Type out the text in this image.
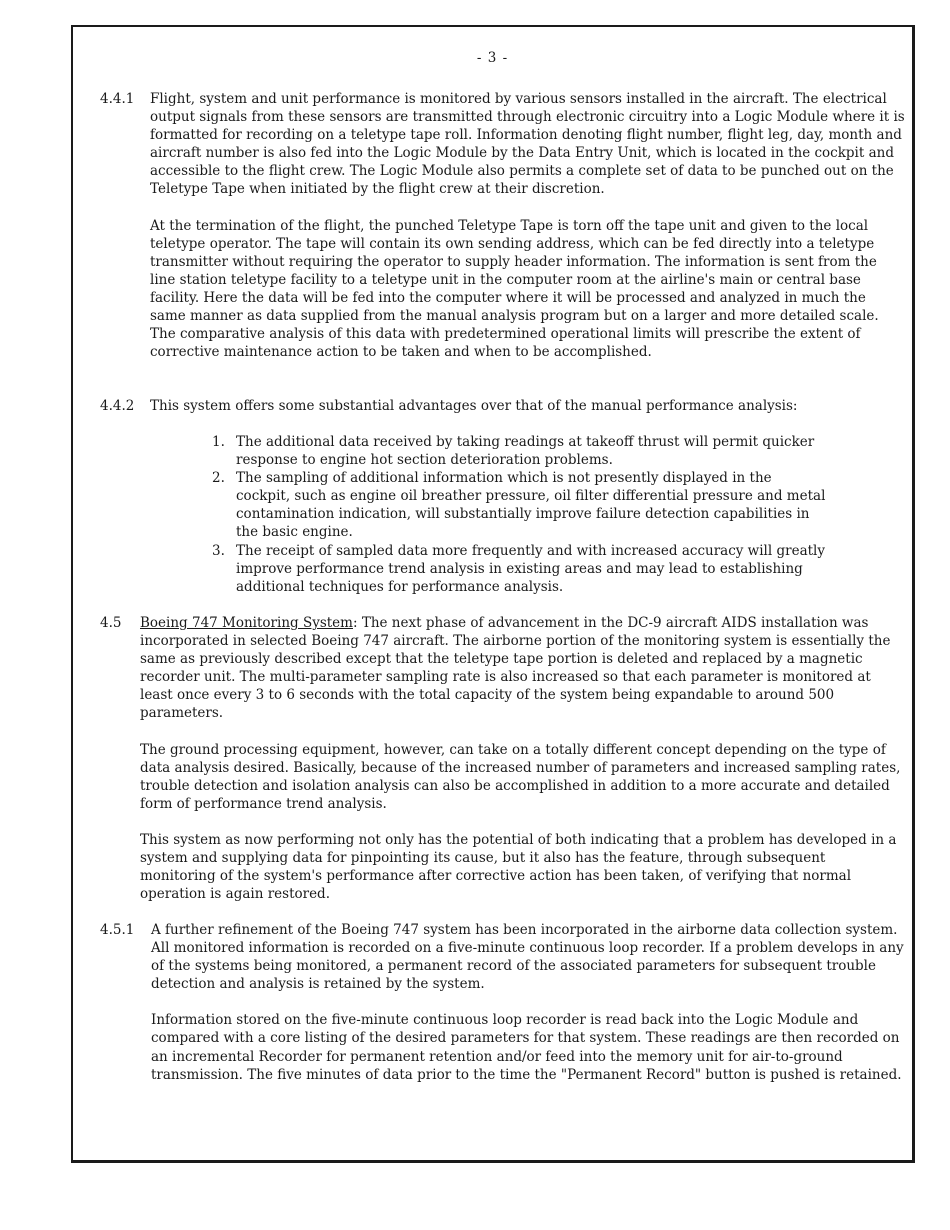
- 3 -
4.4.1	Flight, system and unit performance is monitored by various sensors installed in the aircraft. The electrical output signals from these sensors are transmitted through electronic circuitry into a Logic Module where it is formatted for recording on a teletype tape roll. Information denoting flight number, flight leg, day, month and aircraft number is also fed into the Logic Module by the Data Entry Unit, which is located in the cockpit and accessible to the flight crew. The Logic Module also permits a complete set of data to be punched out on the Teletype Tape when initiated by the flight crew at their discretion.

At the termination of the flight, the punched Teletype Tape is torn off the tape unit and given to the local teletype operator. The tape will contain its own sending address, which can be fed directly into a teletype transmitter without requiring the operator to supply header information. The information is sent from the line station teletype facility to a teletype unit in the computer room at the airline's main or central base facility. Here the data will be fed into the computer where it will be processed and analyzed in much the same manner as data supplied from the manual analysis program but on a larger and more detailed scale. The comparative analysis of this data with predetermined operational limits will prescribe the extent of corrective maintenance action to be taken and when to be accomplished.

4.4.2	This system offers some substantial advantages over that of the manual performance analysis:

1. The additional data received by taking readings at takeoff thrust will permit quicker response to engine hot section deterioration problems.

2. The sampling of additional information which is not presently displayed in the cockpit, such as engine oil breather pressure, oil filter differential pressure and metal contamination indication, will substantially improve failure detection capabilities in the basic engine.

3. The receipt of sampled data more frequently and with increased accuracy will greatly improve performance trend analysis in existing areas and may lead to establishing additional techniques for performance analysis.

4.5	Boeing 747 Monitoring System: The next phase of advancement in the DC-9 aircraft AIDS installation was incorporated in selected Boeing 747 aircraft. The airborne portion of the monitoring system is essentially the same as previously described except that the teletype tape portion is deleted and replaced by a magnetic recorder unit. The multi-parameter sampling rate is also increased so that each parameter is monitored at least once every 3 to 6 seconds with the total capacity of the system being expandable to around 500 parameters.

The ground processing equipment, however, can take on a totally different concept depending on the type of data analysis desired. Basically, because of the increased number of parameters and increased sampling rates, trouble detection and isolation analysis can also be accomplished in addition to a more accurate and detailed form of performance trend analysis.

This system as now performing not only has the potential of both indicating that a problem has developed in a system and supplying data for pinpointing its cause, but it also has the feature, through subsequent monitoring of the system's performance after corrective action has been taken, of verifying that normal operation is again restored.

4.5.1	A further refinement of the Boeing 747 system has been incorporated in the airborne data collection system. All monitored information is recorded on a five-minute continuous loop recorder. If a problem develops in any of the systems being monitored, a permanent record of the associated parameters for subsequent trouble detection and analysis is retained by the system.

Information stored on the five-minute continuous loop recorder is read back into the Logic Module and compared with a core listing of the desired parameters for that system. These readings are then recorded on an incremental Recorder for permanent retention and/or feed into the memory unit for air-to-ground transmission. The five minutes of data prior to the time the "Permanent Record" button is pushed is retained.
